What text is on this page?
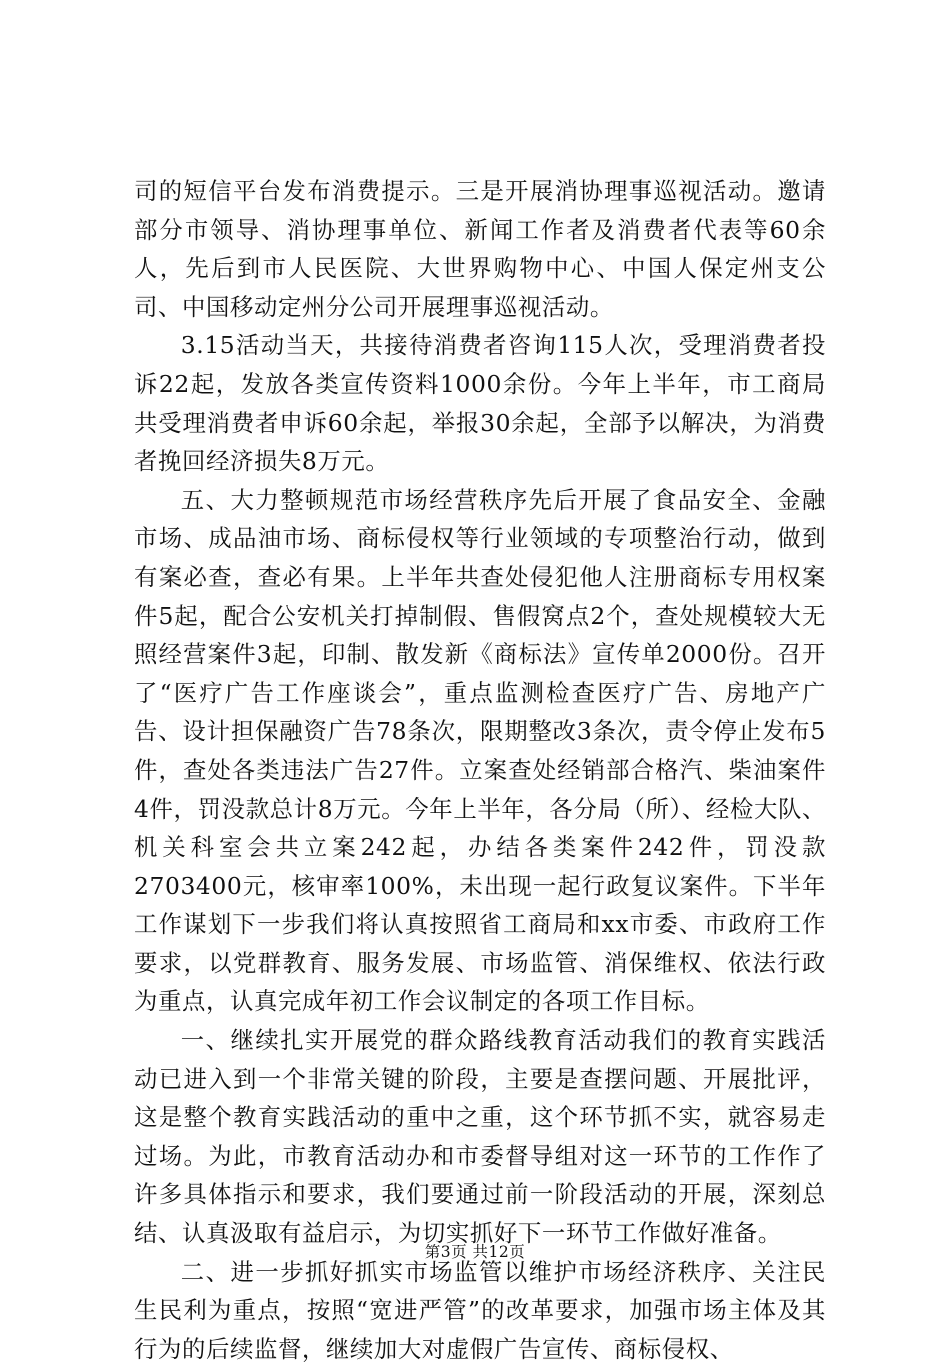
司的短信平台发布消费提示。三是开展消协理事巡视活动。邀请部分市领导、消协理事单位、新闻工作者及消费者代表等60余人，先后到市人民医院、大世界购物中心、中国人保定州支公司、中国移动定州分公司开展理事巡视活动。

3.15活动当天，共接待消费者咨询115人次，受理消费者投诉22起，发放各类宣传资料1000余份。今年上半年，市工商局共受理消费者申诉60余起，举报30余起，全部予以解决，为消费者挽回经济损失8万元。

五、大力整顿规范市场经营秩序先后开展了食品安全、金融市场、成品油市场、商标侵权等行业领域的专项整治行动，做到有案必查，查必有果。上半年共查处侵犯他人注册商标专用权案件5起，配合公安机关打掉制假、售假窝点2个，查处规模较大无照经营案件3起，印制、散发新《商标法》宣传单2000份。召开了“医疗广告工作座谈会”，重点监测检查医疗广告、房地产广告、设计担保融资广告78条次，限期整改3条次，责令停止发布5件，查处各类违法广告27件。立案查处经销部合格汽、柴油案件4件，罚没款总计8万元。今年上半年，各分局（所）、经检大队、机关科室会共立案242起，办结各类案件242件，罚没款2703400元，核审率100%，未出现一起行政复议案件。下半年工作谋划下一步我们将认真按照省工商局和xx市委、市政府工作要求，以党群教育、服务发展、市场监管、消保维权、依法行政为重点，认真完成年初工作会议制定的各项工作目标。

一、继续扎实开展党的群众路线教育活动我们的教育实践活动已进入到一个非常关键的阶段，主要是查摆问题、开展批评，这是整个教育实践活动的重中之重，这个环节抓不实，就容易走过场。为此，市教育活动办和市委督导组对这一环节的工作作了许多具体指示和要求，我们要通过前一阶段活动的开展，深刻总结、认真汲取有益启示，为切实抓好下一环节工作做好准备。

二、进一步抓好抓实市场监管以维护市场经济秩序、关注民生民利为重点，按照“宽进严管”的改革要求，加强市场主体及其行为的后续监督，继续加大对虚假广告宣传、商标侵权、

第3页 共12页
